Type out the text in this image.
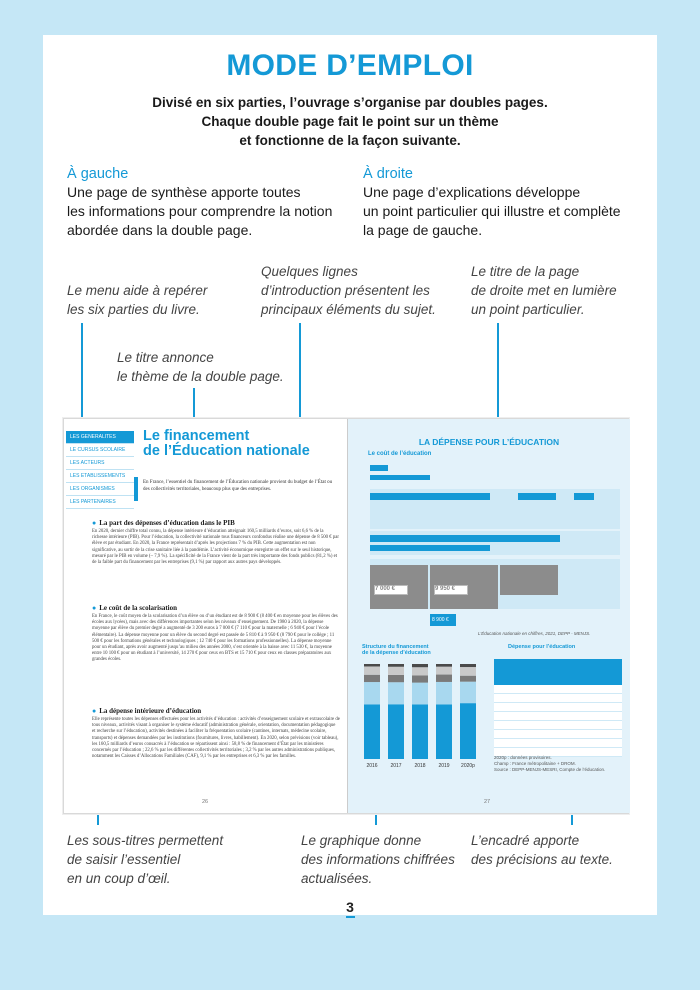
MODE D’EMPLOI
Divisé en six parties, l’ouvrage s’organise par doubles pages.
Chaque double page fait le point sur un thème
et fonctionne de la façon suivante.
À gauche

Une page de synthèse apporte toutes

les informations pour comprendre la notion

abordée dans la double page.

À droite

Une page d’explications développe

un point particulier qui illustre et complète

la page de gauche.

Le menu aide à repérer
les six parties du livre.
Quelques lignes
d’introduction présentent les
principaux éléments du sujet.
Le titre de la page
de droite met en lumière
un point particulier.
Le titre annonce
le thème de la double page.
LES GENERALITES
LE CURSUS SCOLAIRE
LES ACTEURS
LES ETABLISSEMENTS
LES ORGANISMES
LES PARTENAIRES
Le financement
de l’Éducation nationale
En France, l’essentiel du financement de l’Éducation nationale provient du budget de l’État ou des collectivités territoriales, beaucoup plus que des entreprises.
● La part des dépenses d’éducation dans le PIB

En 2020, dernier chiffre total connu, la dépense intérieure d’éducation atteignait 160,5 milliards d’euros, soit 6,6 % de la richesse intérieure (PIB). Pour l’éducation, la collectivité nationale tous financeurs confondus réalise une dépense de 8 500 € par élève et par étudiant. En 2020, la France représentait d’après les projections 7 % du PIB. Cette augmentation est non significative, au sortir de la crise sanitaire liée à la pandémie. L’activité économique enregistre un effet sur le seul historique, mesuré par le PIB en volume (– 7,9 %). La spécificité de la France vient de la part très importante des fonds publics (81,2 %) et de la faible part du financement par les entreprises (9,1 %) par rapport aux autres pays développés.

● Le coût de la scolarisation

En France, le coût moyen de la scolarisation d’un élève ou d’un étudiant est de 8 900 € (8 400 € en moyenne pour les élèves des écoles aux lycées), mais avec des différences importantes selon les niveaux d’enseignement. De 1980 à 2020, la dépense moyenne par élève du premier degré a augmenté de 3 200 euros à 7 000 € (7 110 € pour la maternelle ; 6 940 € pour l’école élémentaire). La dépense moyenne pour un élève du second degré est passée de 5 810 € à 9 950 € (8 790 € pour le collège ; 11 500 € pour les formations générales et technologiques ; 12 740 € pour les formations professionnelles). La dépense moyenne pour un étudiant, après avoir augmenté jusqu’au milieu des années 2000, s’est orientée à la baisse avec 11 530 €, la moyenne entre 10 100 € pour un étudiant à l’université, 14 270 € pour ceux en BTS et 15 710 € pour ceux en classes préparatoires aux grandes écoles.

● La dépense intérieure d’éducation

Elle représente toutes les dépenses effectuées pour les activités d’éducation : activités d’enseignement scolaire et extrascolaire de tous niveaux, activités visant à organiser le système éducatif (administration générale, orientation, documentation pédagogique et recherche sur l’éducation), activités destinées à faciliter la fréquentation scolaire (cantines, internats, médecine scolaire, transports) et dépenses demandées par les institutions (fournitures, livres, habillement). En 2020, selon prévisions (voir tableau), les 160,5 milliards d’euros consacrés à l’éducation se répartissent ainsi : 58,8 % de financement d’État par les ministères concernés par l’éducation ; 22,6 % par les différentes collectivités territoriales ; 3,2 % par les autres administrations publiques, notamment les Caisses d’Allocations Familiales (CAF), 9,1 % par les entreprises et 6,3 % par les familles.

26
LA DÉPENSE POUR L’ÉDUCATION
Le coût de l’éducation
7 000 €	9 950 €
8 900 €
L’Éducation nationale en chiffres, 2021, DEPP - MENJS.
Structure du financement
de la dépense d’éducation
Dépense pour l’éducation
2016	2017	2018	2019 2020p
2020p : données provisoires.
Champ : France métropolitaine + DROM.
Source : DEPP-MENJS-MESRI, Compte de l’éducation.
27
Les sous-titres permettent
de saisir l’essentiel
en un coup d’œil.
Le graphique donne
des informations chiffrées
actualisées.
L’encadré apporte
des précisions au texte.
3
